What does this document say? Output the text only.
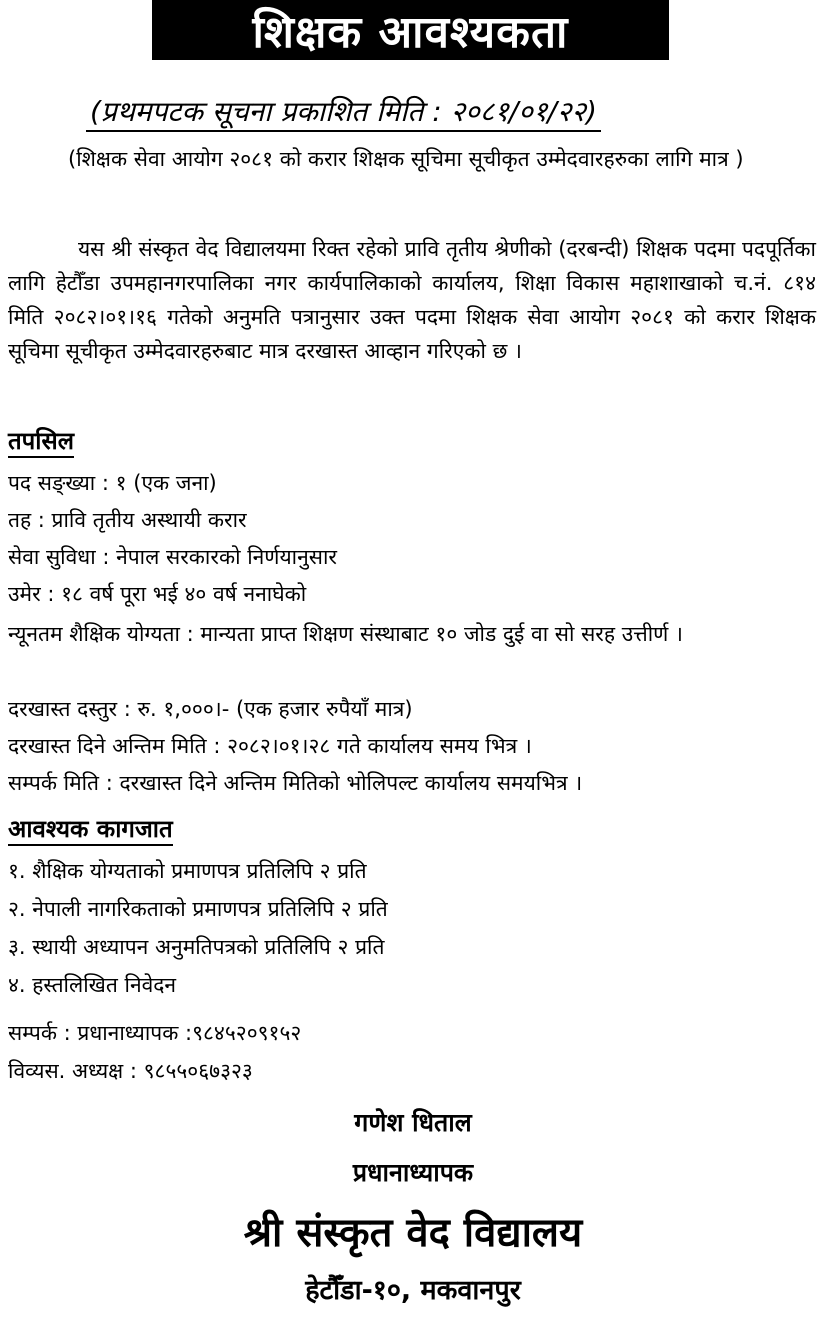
शिक्षक आवश्यकता
(प्रथमपटक सूचना प्रकाशित मिति : २०८१/०१/२२)

(शिक्षक सेवा आयोग २०८१ को करार शिक्षक सूचिमा सूचीकृत उम्मेदवारहरुका लागि मात्र )

यस श्री संस्कृत वेद विद्यालयमा रिक्त रहेको प्रावि तृतीय श्रेणीको (दरबन्दी) शिक्षक पदमा पदपूर्तिका लागि हेटौँडा उपमहानगरपालिका नगर कार्यपालिकाको कार्यालय, शिक्षा विकास महाशाखाको च.नं. ८१४ मिति २०८२।०१।१६ गतेको अनुमति पत्रानुसार उक्त पदमा शिक्षक सेवा आयोग २०८१ को करार शिक्षक सूचिमा सूचीकृत उम्मेदवारहरुबाट मात्र दरखास्त आव्हान गरिएको छ ।

तपसिल
पद सङ्ख्या : १ (एक जना)
तह : प्रावि तृतीय अस्थायी करार
सेवा सुविधा : नेपाल सरकारको निर्णयानुसार
उमेर : १८ वर्ष पूरा भई ४० वर्ष ननाघेको
न्यूनतम शैक्षिक योग्यता : मान्यता प्राप्त शिक्षण संस्थाबाट १० जोड दुई वा सो सरह उत्तीर्ण ।
दरखास्त दस्तुर : रु. १,०००।- (एक हजार रुपैयाँ मात्र)
दरखास्त दिने अन्तिम मिति : २०८२।०१।२८ गते कार्यालय समय भित्र ।
सम्पर्क मिति : दरखास्त दिने अन्तिम मितिको भोलिपल्ट कार्यालय समयभित्र ।
आवश्यक कागजात
१. शैक्षिक योग्यताको प्रमाणपत्र प्रतिलिपि २ प्रति
२. नेपाली नागरिकताको प्रमाणपत्र प्रतिलिपि २ प्रति
३. स्थायी अध्यापन अनुमतिपत्रको प्रतिलिपि २ प्रति
४. हस्तलिखित निवेदन
सम्पर्क : प्रधानाध्यापक :९८४५२०९१५२
विव्यस. अध्यक्ष : ९८५५०६७३२३
गणेश धिताल
प्रधानाध्यापक
श्री संस्कृत वेद विद्यालय
हेटौँडा-१०, मकवानपुर
